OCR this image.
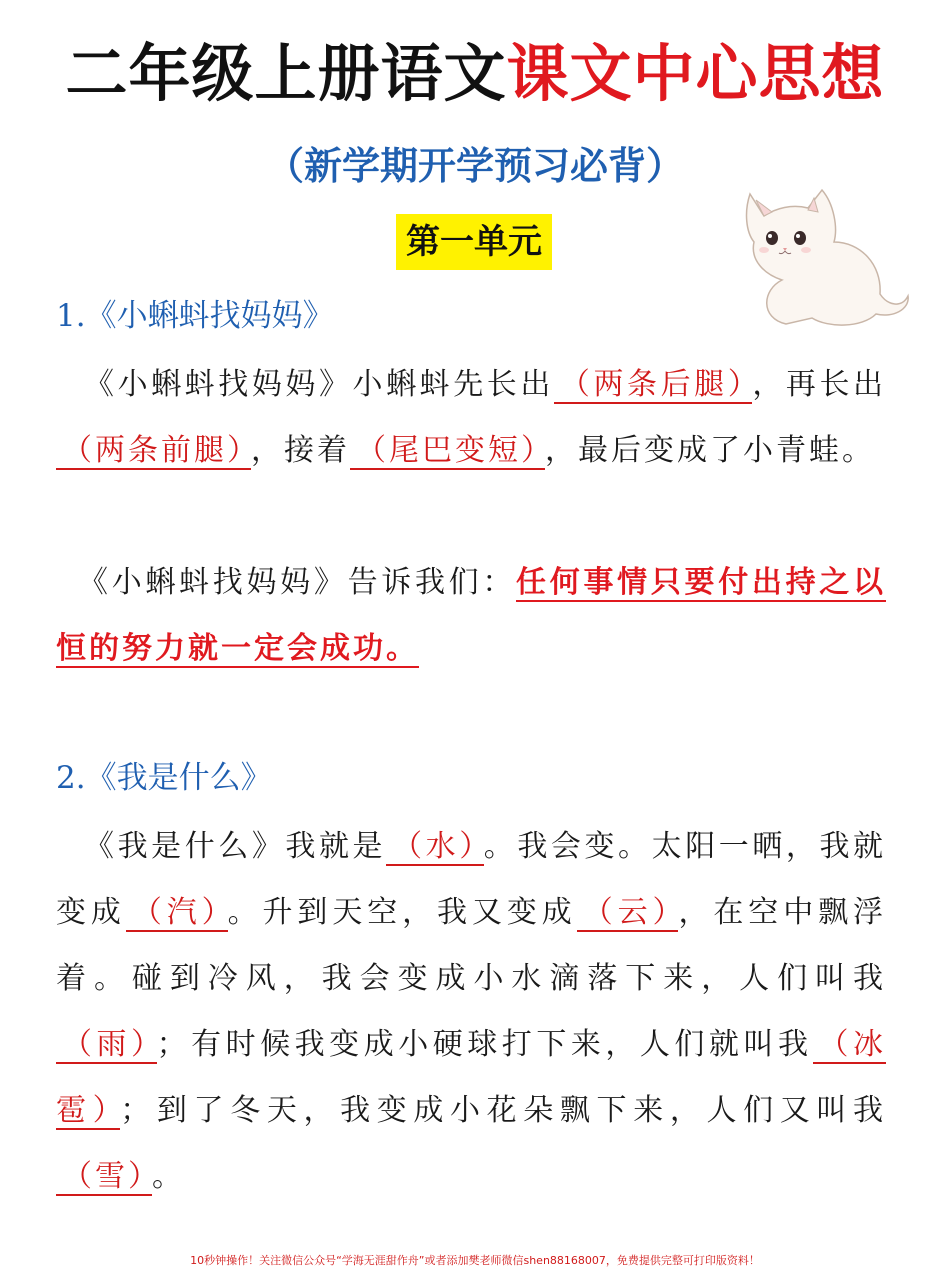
二年级上册语文课文中心思想
（新学期开学预习必背）
第一单元
1.《小蝌蚪找妈妈》
《小蝌蚪找妈妈》小蝌蚪先长出 （两条后腿） ，再长出（两条前腿） ，接着 （尾巴变短） ，最后变成了小青蛙。
《小蝌蚪找妈妈》告诉我们：任何事情只要付出持之以恒的努力就一定会成功。
2.《我是什么》
《我是什么》我就是 （水） 。我会变。太阳一晒，我就变成 （汽） 。升到天空，我又变成 （云） ，在空中飘浮着。碰到冷风，我会变成小水滴落下来，人们叫我（雨） ；有时候我变成小硬球打下来，人们就叫我 （冰雹） ；到了冬天，我变成小花朵飘下来，人们又叫我（雪） 。
10秒钟操作！关注微信公众号“学海无涯甜作舟”或者添加樊老师微信shen88168007，免费提供完整可打印版资料！
